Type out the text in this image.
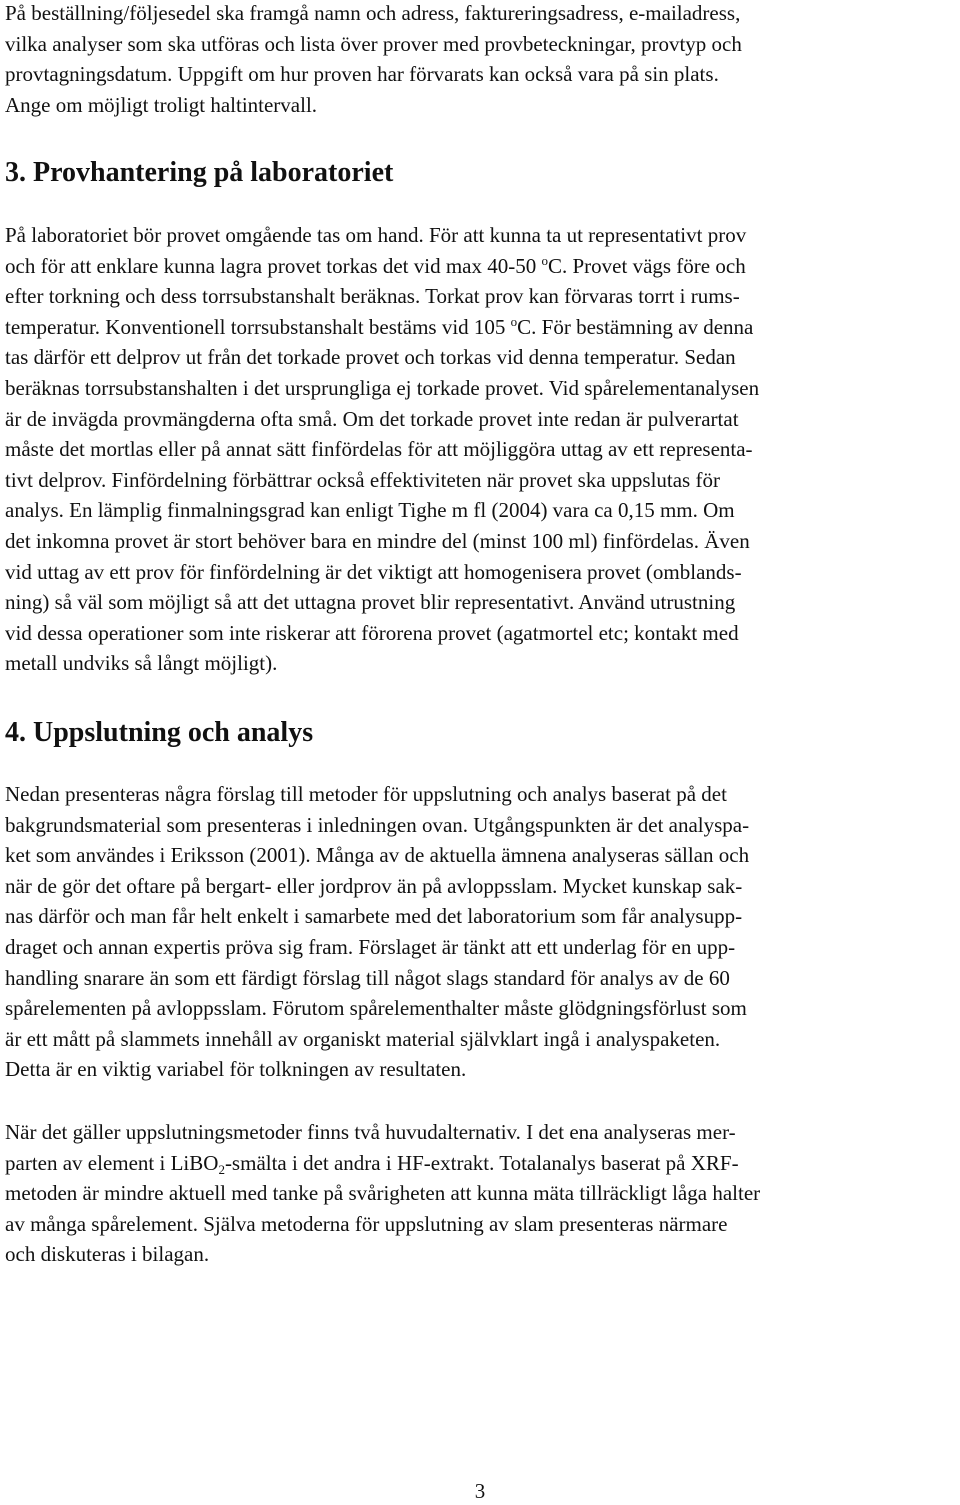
På beställning/följesedel ska framgå namn och adress, faktureringsadress, e-mailadress,

vilka analyser som ska utföras och lista över prover med provbeteckningar, provtyp och

provtagningsdatum. Uppgift om hur proven har förvarats kan också vara på sin plats.

Ange om möjligt troligt haltintervall.

3. Provhantering på laboratoriet

På laboratoriet bör provet omgående tas om hand. För att kunna ta ut representativt prov

och för att enklare kunna lagra provet torkas det vid max 40-50 $^o$C. Provet vägs före och

efter torkning och dess torrsubstanshalt beräknas. Torkat prov kan förvaras torrt i rums-

temperatur. Konventionell torrsubstanshalt bestäms vid 105 $^o$C. För bestämning av denna

tas därför ett delprov ut från det torkade provet och torkas vid denna temperatur. Sedan

beräknas torrsubstanshalten i det ursprungliga ej torkade provet. Vid spårelementanalysen

är de invägda provmängderna ofta små. Om det torkade provet inte redan är pulverartat

måste det mortlas eller på annat sätt finfördelas för att möjliggöra uttag av ett representa-

tivt delprov. Finfördelning förbättrar också effektiviteten när provet ska uppslutas för

analys. En lämplig finmalningsgrad kan enligt Tighe m fl (2004) vara ca 0,15 mm. Om

det inkomna provet är stort behöver bara en mindre del (minst 100 ml) finfördelas. Även

vid uttag av ett prov för finfördelning är det viktigt att homogenisera provet (omblands-

ning) så väl som möjligt så att det uttagna provet blir representativt. Använd utrustning

vid dessa operationer som inte riskerar att förorena provet (agatmortel etc; kontakt med

metall undviks så långt möjligt).

4. Uppslutning och analys

Nedan presenteras några förslag till metoder för uppslutning och analys baserat på det

bakgrundsmaterial som presenteras i inledningen ovan. Utgångspunkten är det analyspa-

ket som användes i Eriksson (2001). Många av de aktuella ämnena analyseras sällan och

när de gör det oftare på bergart- eller jordprov än på avloppsslam. Mycket kunskap sak-

nas därför och man får helt enkelt i samarbete med det laboratorium som får analysupp-

draget och annan expertis pröva sig fram. Förslaget är tänkt att ett underlag för en upp-

handling snarare än som ett färdigt förslag till något slags standard för analys av de 60

spårelementen på avloppsslam. Förutom spårelementhalter måste glödgningsförlust som

är ett mått på slammets innehåll av organiskt material självklart ingå i analyspaketen.

Detta är en viktig variabel för tolkningen av resultaten.

När det gäller uppslutningsmetoder finns två huvudalternativ. I det ena analyseras mer-

parten av element i LiBO$_2$-smälta i det andra i HF-extrakt. Totalanalys baserat på XRF-

metoden är mindre aktuell med tanke på svårigheten att kunna mäta tillräckligt låga halter

av många spårelement. Själva metoderna för uppslutning av slam presenteras närmare

och diskuteras i bilagan.

3
